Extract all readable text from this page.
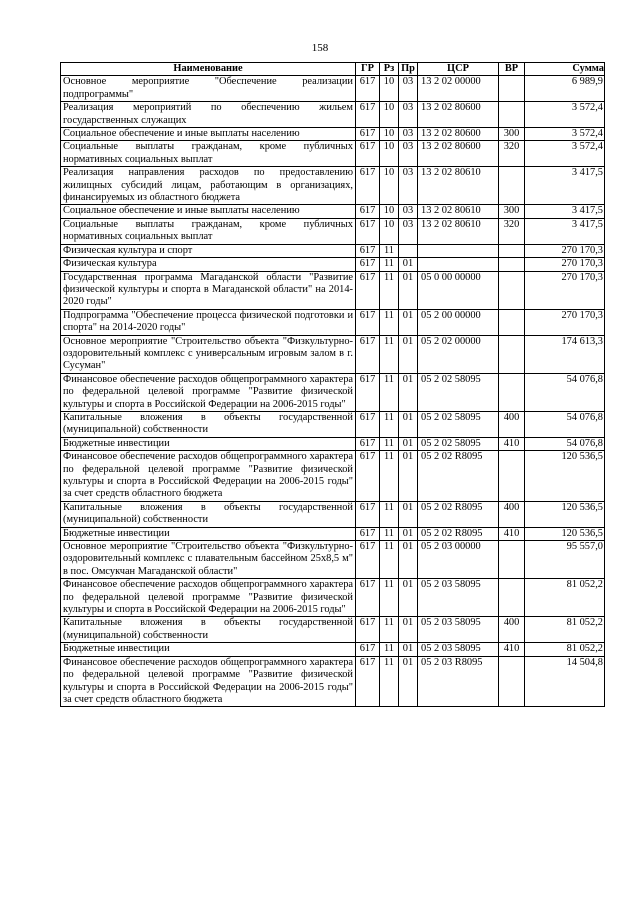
158
Наименование	ГР	Рз	Пр	ЦСР	ВР	Сумма
Основное мероприятие "Обеспечение реализации подпрограммы"	617	10	03	13 2 02 00000		6 989,9
Реализация мероприятий по обеспечению жильем государственных служащих	617	10	03	13 2 02 80600		3 572,4
Социальное обеспечение и иные выплаты населению	617	10	03	13 2 02 80600	300	3 572,4
Социальные выплаты гражданам, кроме публичных нормативных социальных выплат	617	10	03	13 2 02 80600	320	3 572,4
Реализация направления расходов по предоставлению жилищных субсидий лицам, работающим в организациях, финансируемых из областного бюджета	617	10	03	13 2 02 80610		3 417,5
Социальное обеспечение и иные выплаты населению	617	10	03	13 2 02 80610	300	3 417,5
Социальные выплаты гражданам, кроме публичных нормативных социальных выплат	617	10	03	13 2 02 80610	320	3 417,5
Физическая культура и спорт	617	11				270 170,3
Физическая культура	617	11	01			270 170,3
Государственная программа Магаданской области "Развитие физической культуры и спорта в Магаданской области" на 2014-2020 годы"	617	11	01	05 0 00 00000		270 170,3
Подпрограмма "Обеспечение процесса физической подготовки и спорта" на 2014-2020 годы"	617	11	01	05 2 00 00000		270 170,3
Основное мероприятие "Строительство объекта "Физкультурно-оздоровительный комплекс с универсальным игровым залом в г. Сусуман"	617	11	01	05 2 02 00000		174 613,3
Финансовое обеспечение расходов общепрограммного характера по федеральной целевой программе "Развитие физической культуры и спорта в Российской Федерации на 2006-2015 годы"	617	11	01	05 2 02 58095		54 076,8
Капитальные вложения в объекты государственной (муниципальной) собственности	617	11	01	05 2 02 58095	400	54 076,8
Бюджетные инвестиции	617	11	01	05 2 02 58095	410	54 076,8
Финансовое обеспечение расходов общепрограммного характера по федеральной целевой программе "Развитие физической культуры и спорта в Российской Федерации на 2006-2015 годы" за счет средств областного бюджета	617	11	01	05 2 02 R8095		120 536,5
Капитальные вложения в объекты государственной (муниципальной) собственности	617	11	01	05 2 02 R8095	400	120 536,5
Бюджетные инвестиции	617	11	01	05 2 02 R8095	410	120 536,5
Основное мероприятие "Строительство объекта "Физкультурно-оздоровительный комплекс с плавательным бассейном 25х8,5 м" в пос. Омсукчан Магаданской области"	617	11	01	05 2 03 00000		95 557,0
Финансовое обеспечение расходов общепрограммного характера по федеральной целевой программе "Развитие физической культуры и спорта в Российской Федерации на 2006-2015 годы"	617	11	01	05 2 03 58095		81 052,2
Капитальные вложения в объекты государственной (муниципальной) собственности	617	11	01	05 2 03 58095	400	81 052,2
Бюджетные инвестиции	617	11	01	05 2 03 58095	410	81 052,2
Финансовое обеспечение расходов общепрограммного характера по федеральной целевой программе "Развитие физической культуры и спорта в Российской Федерации на 2006-2015 годы" за счет средств областного бюджета	617	11	01	05 2 03 R8095		14 504,8
